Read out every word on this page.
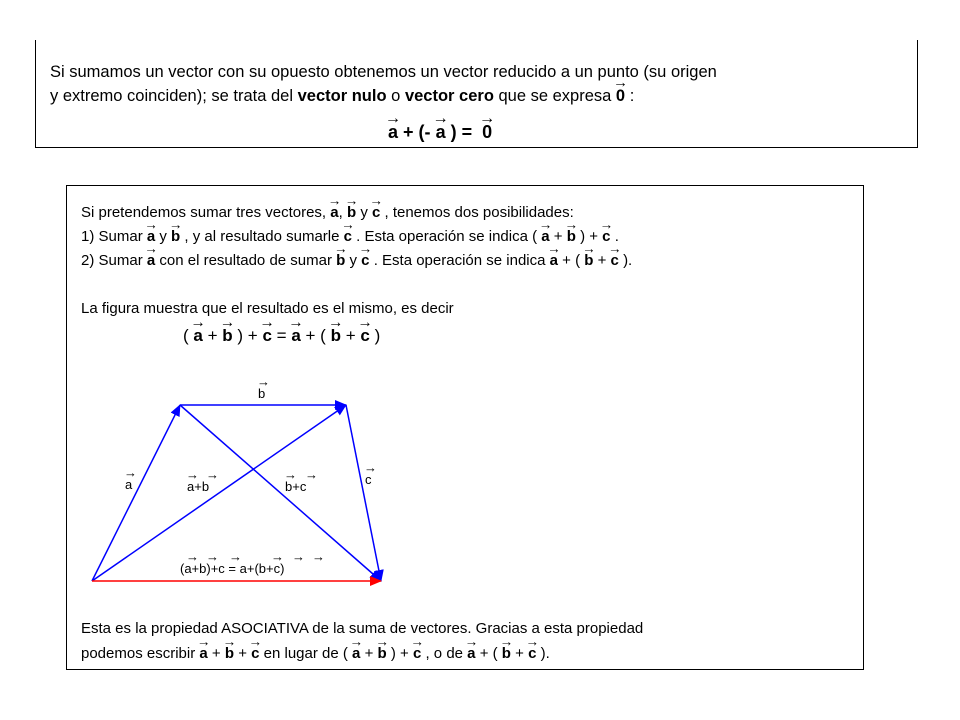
Si sumamos un vector con su opuesto obtenemos un vector reducido a un punto (su origen
y extremo coinciden); se trata del vector nulo o vector cero que se expresa → 0 :
→ a + (- → a ) = → 0
Si pretendemos sumar tres vectores, → a, → b y → c , tenemos dos posibilidades:
1) Sumar → a y → b , y al resultado sumarle → c . Esta operación se indica ( → a + → b ) + → c .
2) Sumar → a con el resultado de sumar → b y → c . Esta operación se indica → a + ( → b + → c ).
La figura muestra que el resultado es el mismo, es decir
( → a + → b ) + → c = → a + ( → b + → c )
b
→
a
→	c
→
a+b
→ →
b+c
→ →
(a+b)+c = a+(b+c)
→ → → → → →
Esta es la propiedad ASOCIATIVA de la suma de vectores. Gracias a esta propiedad
podemos escribir → a + → b + → c en lugar de ( → a + → b ) + → c , o de → a + ( → b + → c ).
